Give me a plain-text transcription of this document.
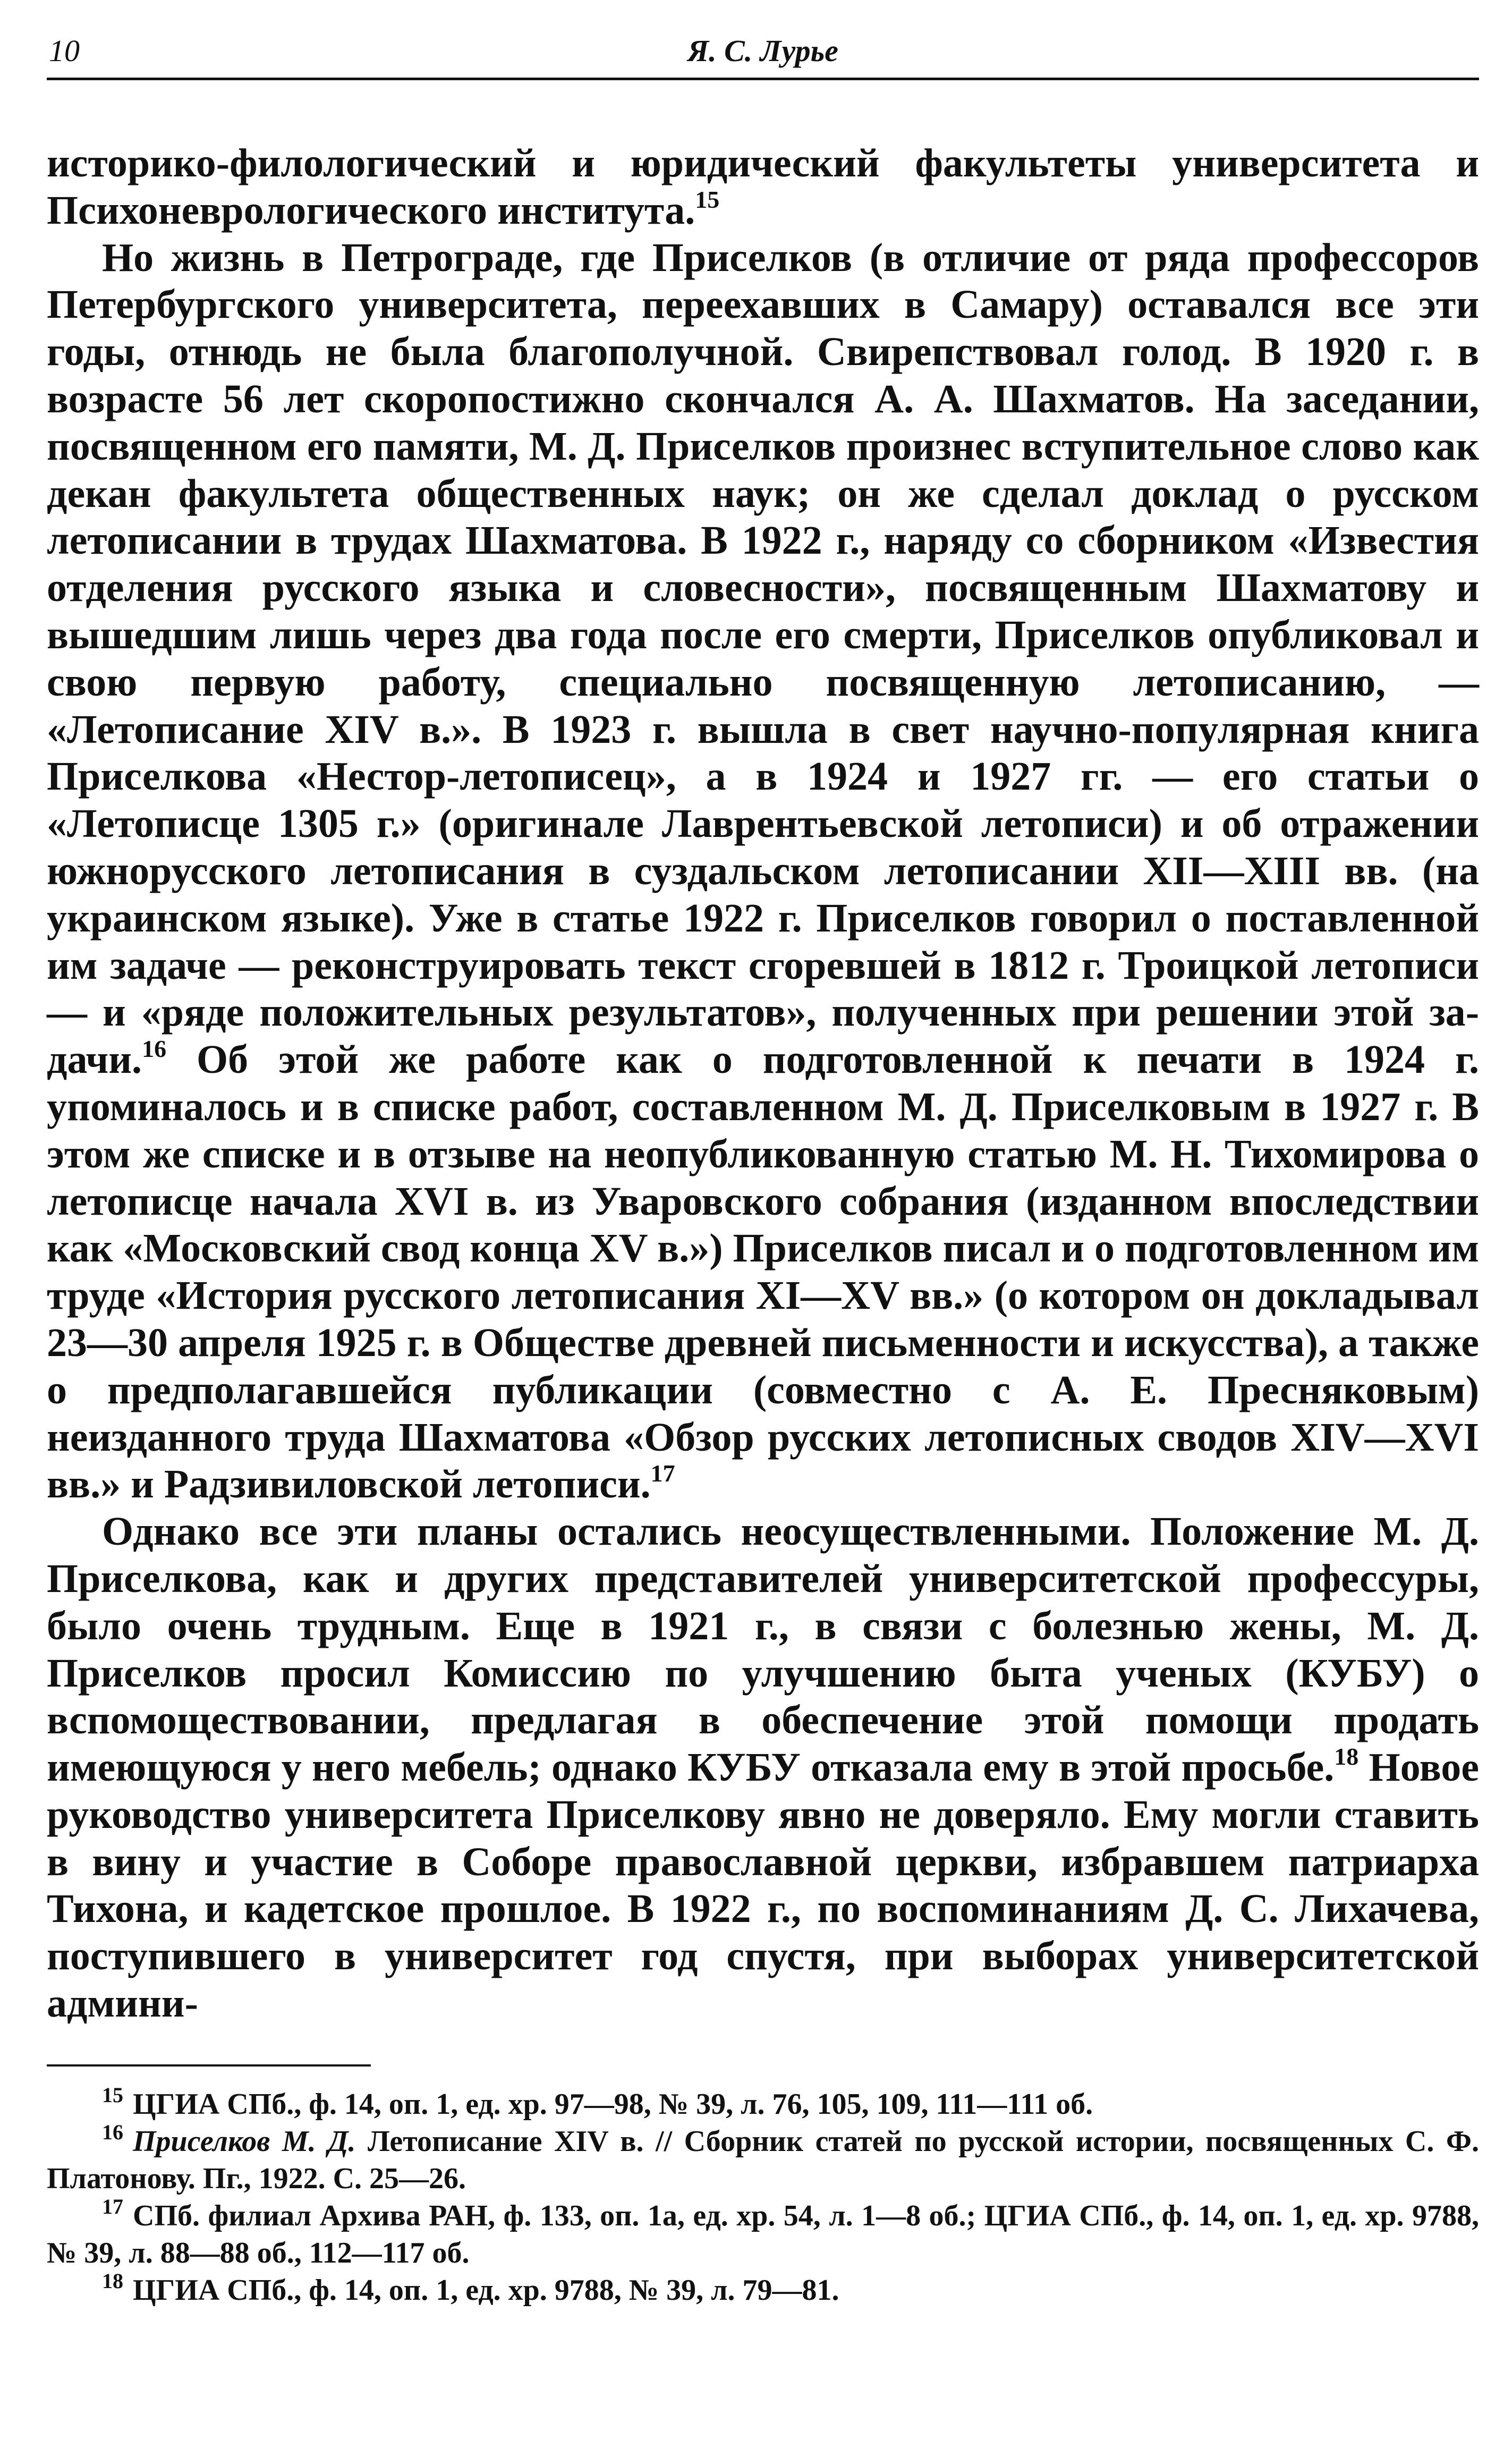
10	Я. С. Лурье

историко-филологический и юридический факультеты университета и Психоневрологического института.$^{15}$

Но жизнь в Петрограде, где Приселков (в отличие от ряда профессоров Петербургского университета, переехавших в Самару) оставался все эти годы, отнюдь не была благополучной. Свирепствовал голод. В 1920 г. в возрасте 56 лет скоропостижно скончался А. А. Шахматов. На заседании, посвященном его памяти, М. Д. Приселков произнес вступительное слово как декан факультета общественных наук; он же сделал доклад о русском летописании в трудах Шахматова. В 1922 г., наряду со сборником «Известия отделения русского языка и словесности», посвященным Шахматову и вышедшим лишь через два года после его смерти, Приселков опубликовал и свою первую работу, специально посвященную летописанию, — «Летописание XIV в.». В 1923 г. вышла в свет научно-популярная книга Приселкова «Нестор-летописец», а в 1924 и 1927 гг. — его статьи о «Летописце 1305 г.» (оригинале Лаврентьевской летописи) и об отражении южнорусского летописания в суздальском летописании XII—XIII вв. (на украинском языке). Уже в статье 1922 г. Приселков говорил о поставленной им задаче — реконструировать текст сгоревшей в 1812 г. Троицкой летописи — и «ряде положительных результатов», полученных при решении этой задачи.$^{16}$ Об этой же работе как о подготовленной к печати в 1924 г. упоминалось и в списке работ, составленном М. Д. Приселковым в 1927 г. В этом же списке и в отзыве на неопубликованную статью М. Н. Тихомирова о летописце начала XVI в. из Уваровского собрания (изданном впоследствии как «Московский свод конца XV в.») Приселков писал и о подготовленном им труде «История русского летописания XI—XV вв.» (о котором он докладывал 23—30 апреля 1925 г. в Обществе древней письменности и искусства), а также о предполагавшейся публикации (совместно с А. Е. Пресняковым) неизданного труда Шахматова «Обзор русских летописных сводов XIV—XVI вв.» и Радзивиловской летописи.$^{17}$

Однако все эти планы остались неосуществленными. Положение М. Д. Приселкова, как и других представителей университетской профессуры, было очень трудным. Еще в 1921 г., в связи с болезнью жены, М. Д. Приселков просил Комиссию по улучшению быта ученых (КУБУ) о вспомоществовании, предлагая в обеспечение этой помощи продать имеющуюся у него мебель; однако КУБУ отказала ему в этой просьбе.$^{18}$ Новое руководство университета Приселкову явно не доверяло. Ему могли ставить в вину и участие в Соборе православной церкви, избравшем патриарха Тихона, и кадетское прошлое. В 1922 г., по воспоминаниям Д. С. Лихачева, поступившего в университет год спустя, при выборах университетской админи-

$^{15}$ ЦГИА СПб., ф. 14, оп. 1, ед. хр. 97—98, № 39, л. 76, 105, 109, 111—111 об.

$^{16}$ Приселков М. Д. Летописание XIV в. // Сборник статей по русской истории, посвященных С. Ф. Платонову. Пг., 1922. С. 25—26.

$^{17}$ СПб. филиал Архива РАН, ф. 133, оп. 1а, ед. хр. 54, л. 1—8 об.; ЦГИА СПб., ф. 14, оп. 1, ед. хр. 9788, № 39, л. 88—88 об., 112—117 об.

$^{18}$ ЦГИА СПб., ф. 14, оп. 1, ед. хр. 9788, № 39, л. 79—81.
